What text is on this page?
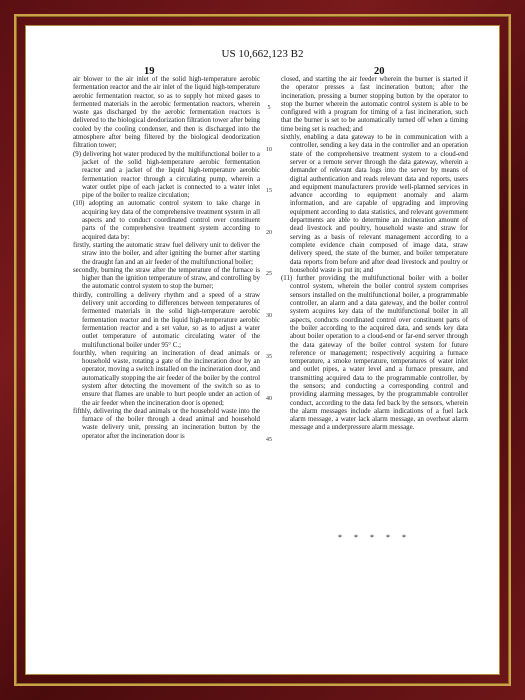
US 10,662,123 B2
19	20

air blower to the air inlet of the solid high-temperature aerobic fermentation reactor and the air inlet of the liquid high-temperature aerobic fermentation reactor, so as to supply hot mixed gases to fermented materials in the aerobic fermentation reactors, wherein waste gas discharged by the aerobic fermentation reactors is delivered to the biological deodorization filtration tower after being cooled by the cooling condenser, and then is discharged into the atmosphere after being filtered by the biological deodorization filtration tower;

(9) delivering hot water produced by the multifunctional boiler to a jacket of the solid high-temperature aerobic fermentation reactor and a jacket of the liquid high-temperature aerobic fermentation reactor through a circulating pump, wherein a water outlet pipe of each jacket is connected to a water inlet pipe of the boiler to realize circulation;

(10) adopting an automatic control system to take charge in acquiring key data of the comprehensive treatment system in all aspects and to conduct coordinated control over constituent parts of the comprehensive treatment system according to acquired data by:

firstly, starting the automatic straw fuel delivery unit to deliver the straw into the boiler, and after igniting the burner after starting the draught fan and an air feeder of the multifunctional boiler;

secondly, burning the straw after the temperature of the furnace is higher than the ignition temperature of straw, and controlling by the automatic control system to stop the burner;

thirdly, controlling a delivery rhythm and a speed of a straw delivery unit according to differences between temperatures of fermented materials in the solid high-temperature aerobic fermentation reactor and in the liquid high-temperature aerobic fermentation reactor and a set value, so as to adjust a water outlet temperature of automatic circulating water of the multifunctional boiler under 95° C.;

fourthly, when requiring an incineration of dead animals or household waste, rotating a gate of the incineration door by an operator, moving a switch installed on the incineration door, and automatically stopping the air feeder of the boiler by the control system after detecting the movement of the switch so as to ensure that flames are unable to hurt people under an action of the air feeder when the incineration door is opened;

fifthly, delivering the dead animals or the household waste into the furnace of the boiler through a dead animal and household waste delivery unit, pressing an incineration button by the operator after the incineration door is

closed, and starting the air feeder wherein the burner is started if the operator presses a fast incineration button; after the incineration, pressing a burner stopping button by the operator to stop the burner wherein the automatic control system is able to be configured with a program for timing of a fast incineration, such that the burner is set to be automatically turned off when a timing time being set is reached; and

sixthly, enabling a data gateway to be in communication with a controller, sending a key data in the controller and an operation state of the comprehensive treatment system to a cloud-end server or a remote server through the data gateway, wherein a demander of relevant data logs into the server by means of digital authentication and reads relevant data and reports, users and equipment manufacturers provide well-planned services in advance according to equipment anomaly and alarm information, and are capable of upgrading and improving equipment according to data statistics, and relevant government departments are able to determine an incineration amount of dead livestock and poultry, household waste and straw for serving as a basis of relevant management according to a complete evidence chain composed of image data, straw delivery speed, the state of the burner, and boiler temperature data reports from before and after dead livestock and poultry or household waste is put in; and

(11) further providing the multifunctional boiler with a boiler control system, wherein the boiler control system comprises sensors installed on the multifunctional boiler, a programmable controller, an alarm and a data gateway, and the boiler control system acquires key data of the multifunctional boiler in all aspects, conducts coordinated control over constituent parts of the boiler according to the acquired data, and sends key data about boiler operation to a cloud-end or far-end server through the data gateway of the boiler control system for future reference or management; respectively acquiring a furnace temperature, a smoke temperature, temperatures of water inlet and outlet pipes, a water level and a furnace pressure, and transmitting acquired data to the programmable controller, by the sensors; and conducting a corresponding control and providing alarming messages, by the programmable controller conduct, according to the data fed back by the sensors, wherein the alarm messages include alarm indications of a fuel lack alarm message, a water lack alarm message, an overheat alarm message and a underpressure alarm message.

5
10
15
20
25
30
35
40
45
* * * * *
